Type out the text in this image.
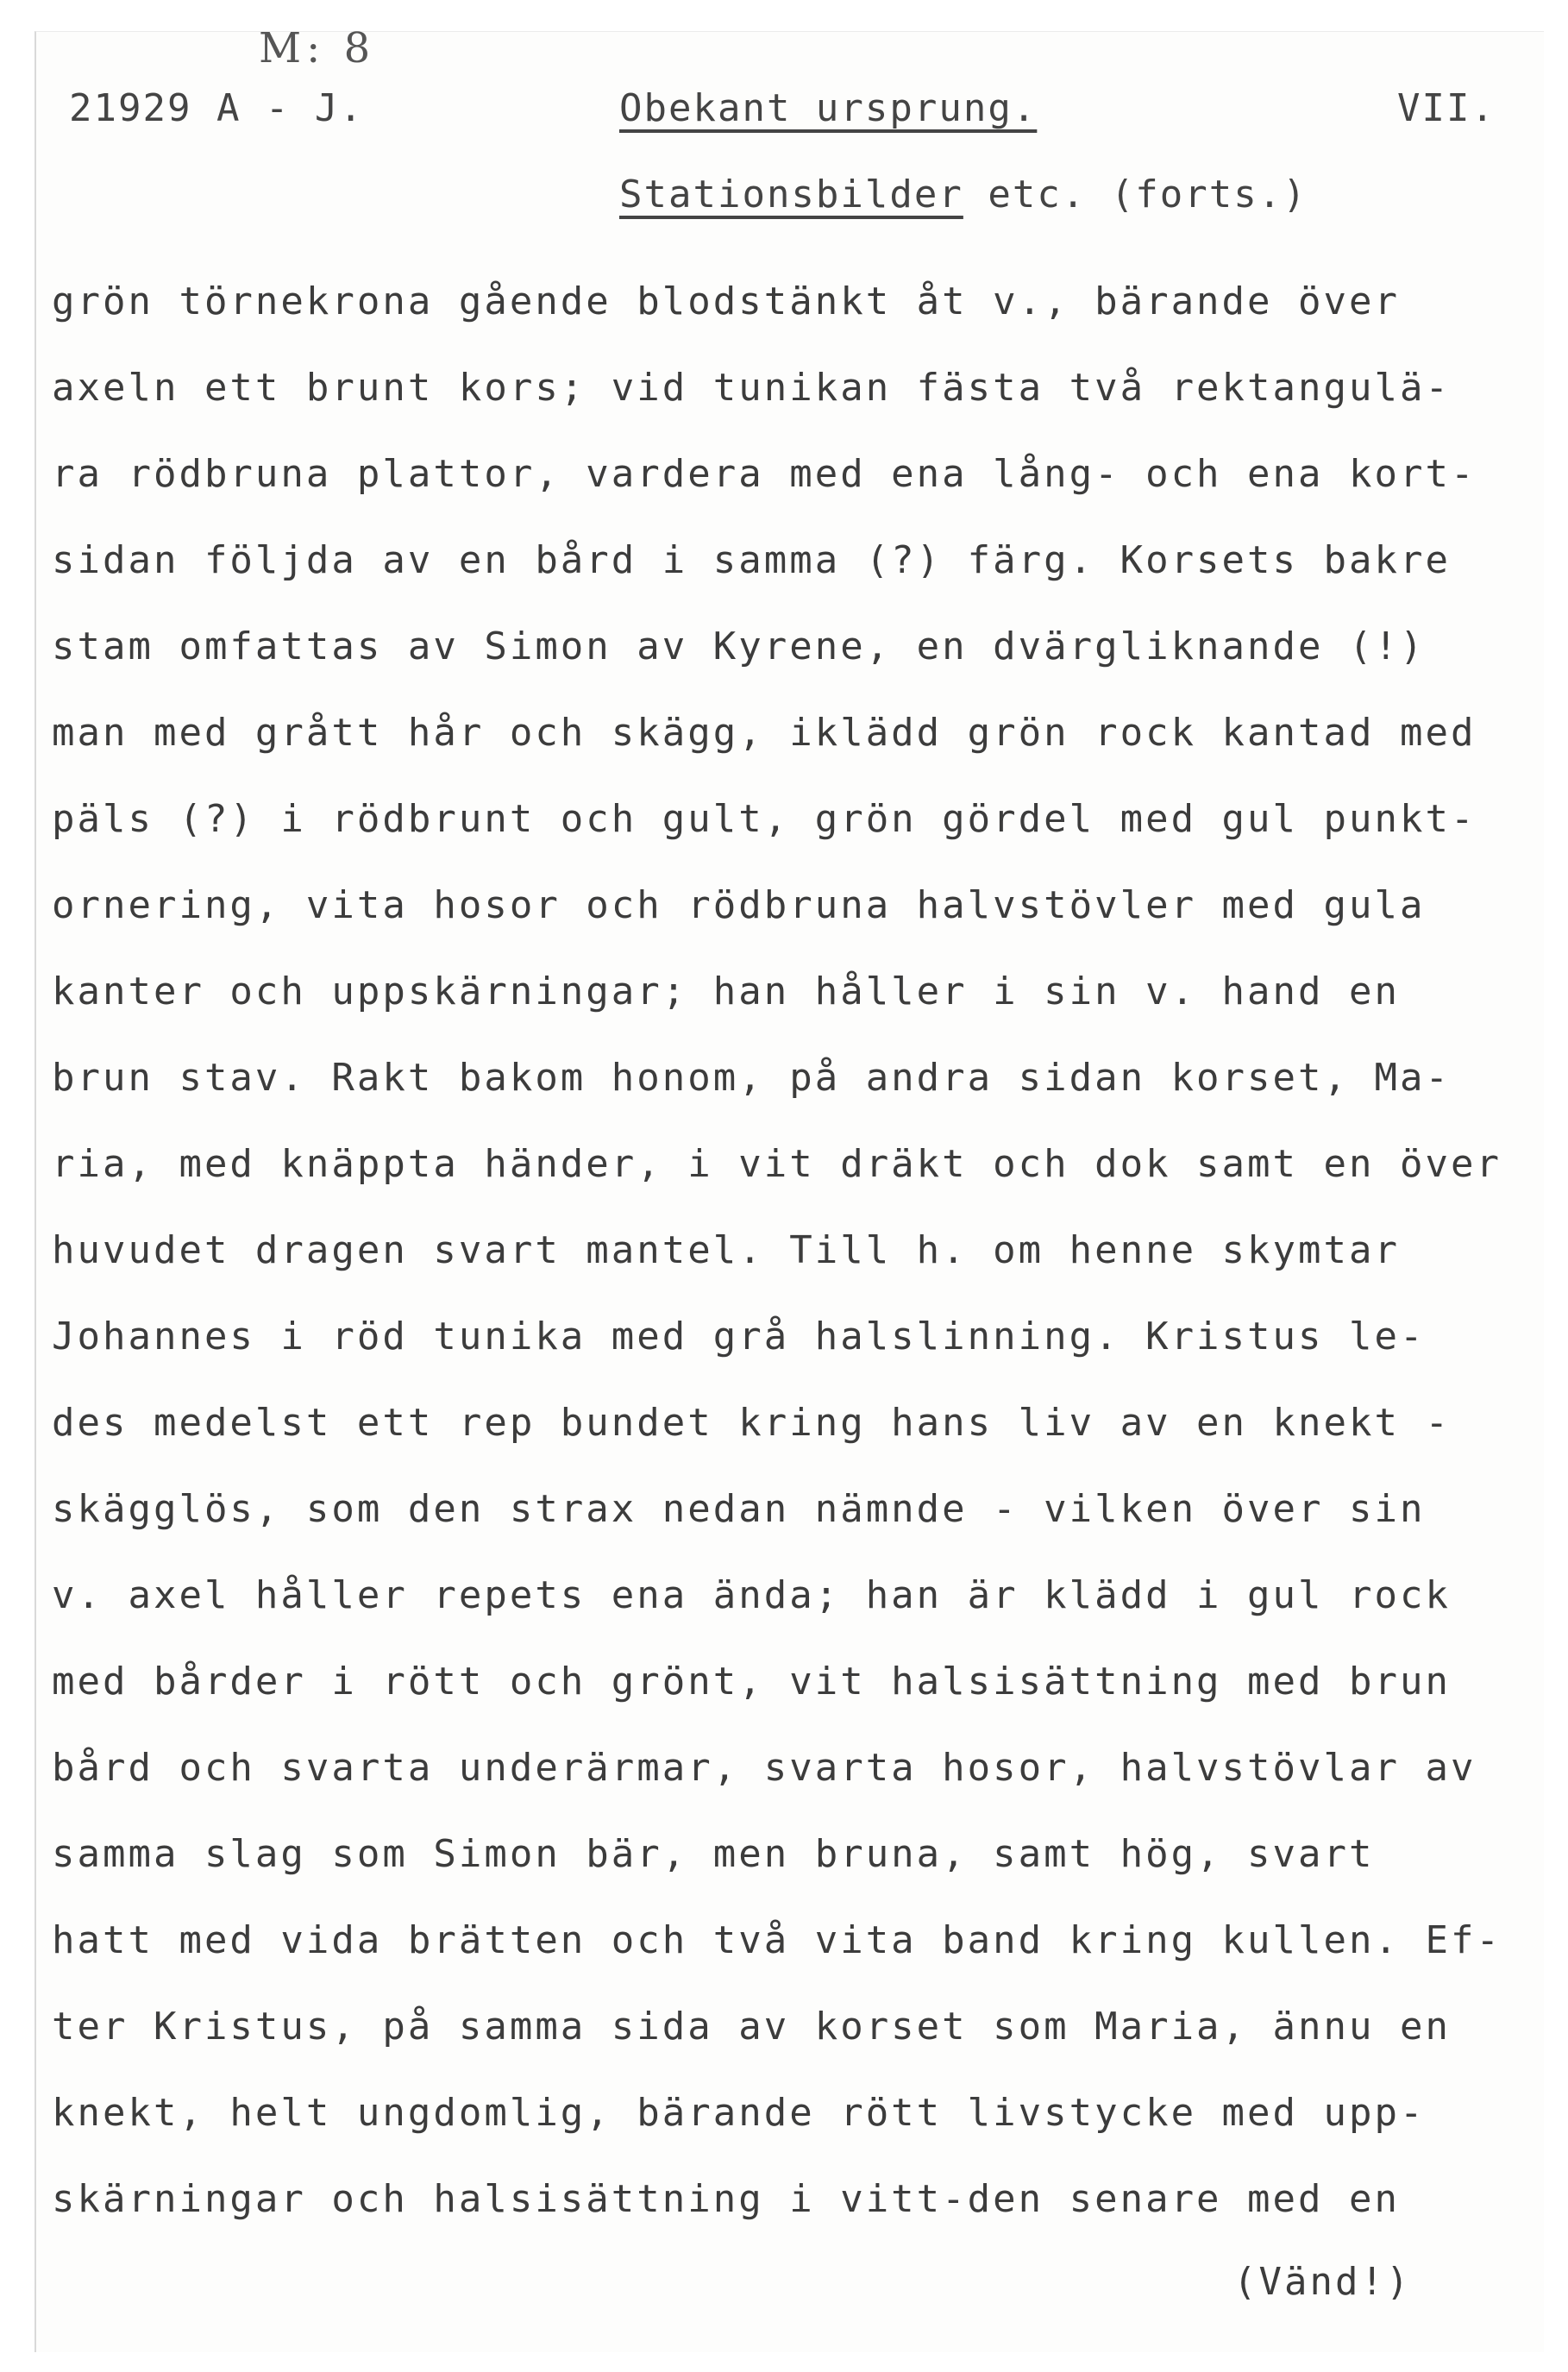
M: 8
21929 A - J.	Obekant ursprung.	VII.
Stationsbilder etc. (forts.)
grön törnekrona gående blodstänkt åt v., bärande över
axeln ett brunt kors; vid tunikan fästa två rektangulä-
ra rödbruna plattor, vardera med ena lång- och ena kort-
sidan följda av en bård i samma (?) färg. Korsets bakre
stam omfattas av Simon av Kyrene, en dvärgliknande (!)
man med grått hår och skägg, iklädd grön rock kantad med
päls (?) i rödbrunt och gult, grön gördel med gul punkt-
ornering, vita hosor och rödbruna halvstövler med gula
kanter och uppskärningar; han håller i sin v. hand en
brun stav. Rakt bakom honom, på andra sidan korset, Ma-
ria, med knäppta händer, i vit dräkt och dok samt en över
huvudet dragen svart mantel. Till h. om henne skymtar
Johannes i röd tunika med grå halslinning. Kristus le-
des medelst ett rep bundet kring hans liv av en knekt -
skägglös, som den strax nedan nämnde - vilken över sin
v. axel håller repets ena ända; han är klädd i gul rock
med bårder i rött och grönt, vit halsisättning med brun
bård och svarta underärmar, svarta hosor, halvstövlar av
samma slag som Simon bär, men bruna, samt hög, svart
hatt med vida brätten och två vita band kring kullen. Ef-
ter Kristus, på samma sida av korset som Maria, ännu en
knekt, helt ungdomlig, bärande rött livstycke med upp-
skärningar och halsisättning i vitt-den senare med en
(Vänd!)
